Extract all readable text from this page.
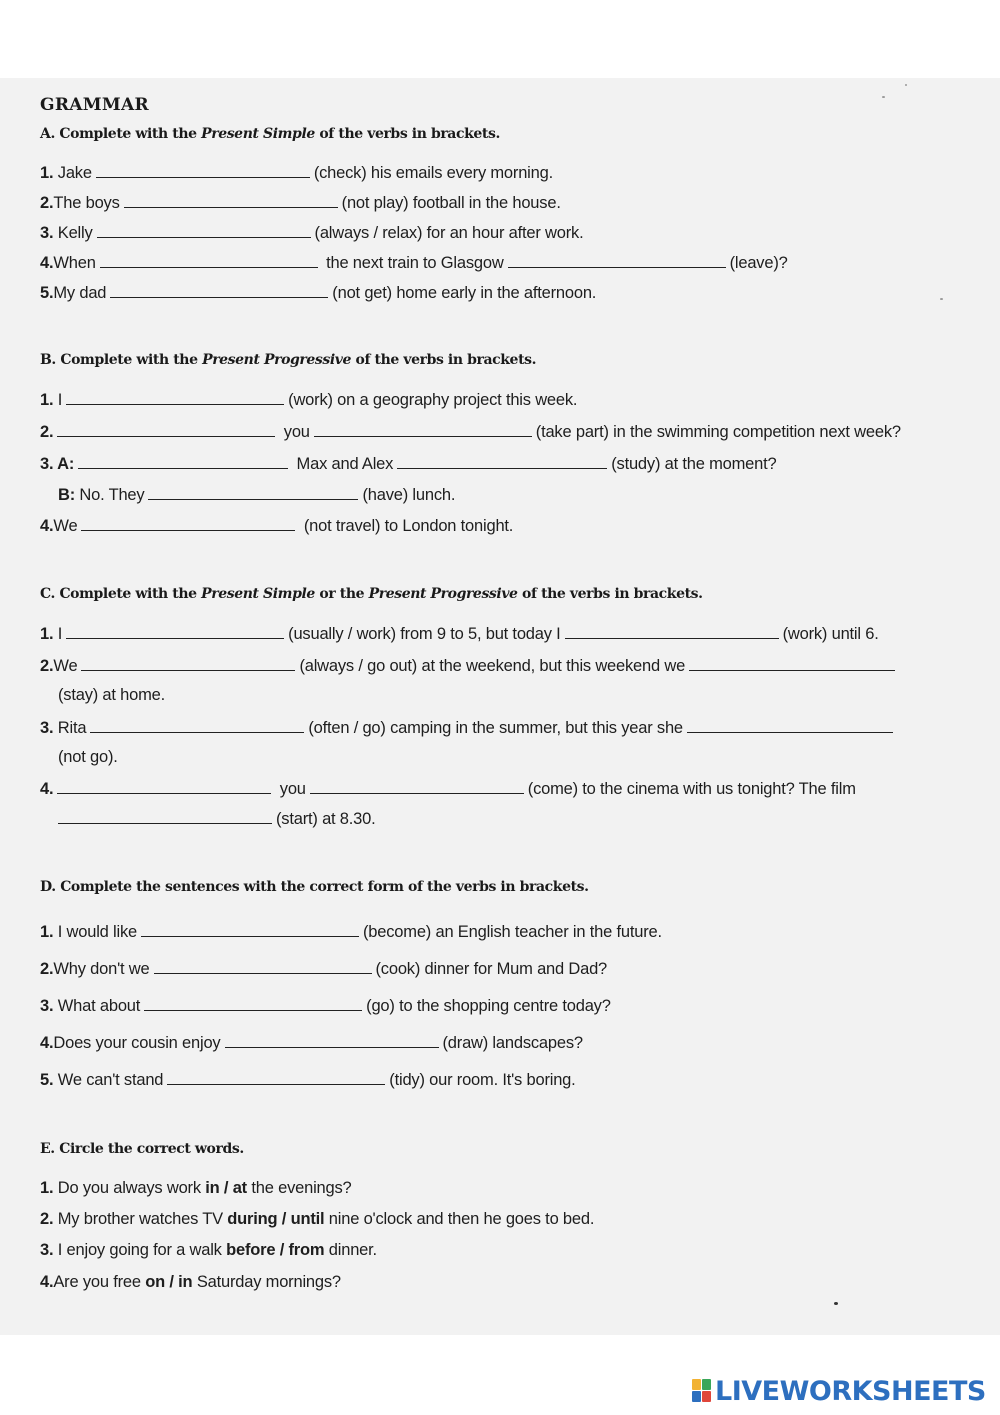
GRAMMAR
A. Complete with the Present Simple of the verbs in brackets.
1. Jake	(check) his emails every morning.
2.The boys	(not play) football in the house.
3. Kelly	(always / relax) for an hour after work.
4.When	the next train to Glasgow	(leave)?
5.My dad	(not get) home early in the afternoon.
B. Complete with the Present Progressive of the verbs in brackets.
1. I	(work) on a geography project this week.
2.	you	(take part) in the swimming competition next week?
3. A:	Max and Alex	(study) at the moment?
B: No. They	(have) lunch.
4.We	(not travel) to London tonight.
C. Complete with the Present Simple or the Present Progressive of the verbs in brackets.
1. I	(usually / work) from 9 to 5, but today I	(work) until 6.
2.We	(always / go out) at the weekend, but this weekend we
(stay) at home.
3. Rita	(often / go) camping in the summer, but this year she
(not go).
4.	you	(come) to the cinema with us tonight? The film
(start) at 8.30.
D. Complete the sentences with the correct form of the verbs in brackets.
1. I would like	(become) an English teacher in the future.
2.Why don't we	(cook) dinner for Mum and Dad?
3. What about	(go) to the shopping centre today?
4.Does your cousin enjoy	(draw) landscapes?
5. We can't stand	(tidy) our room. It's boring.
E. Circle the correct words.
1. Do you always work in / at the evenings?
2. My brother watches TV during / until nine o'clock and then he goes to bed.
3. I enjoy going for a walk before / from dinner.
4.Are you free on / in Saturday mornings?
LIVEWORKSHEETS
